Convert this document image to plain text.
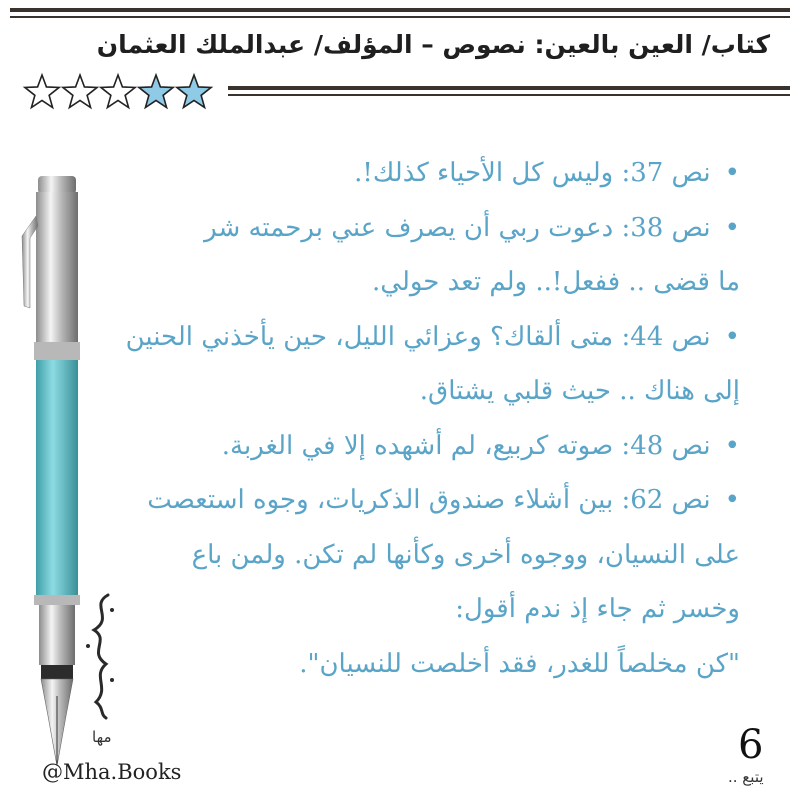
كتاب/ العين بالعين: نصوص – المؤلف/ عبدالملك العثمان
•نص 37: وليس كل الأحياء كذلك!.
•نص 38: دعوت ربي أن يصرف عني برحمته شر
ما قضى .. ففعل!.. ولم تعد حولي.
•نص 44: متى ألقاك؟ وعزائي الليل، حين يأخذني الحنين
إلى هناك .. حيث قلبي يشتاق.
•نص 48: صوته كربيع، لم أشهده إلا في الغربة.
•نص 62: بين أشلاء صندوق الذكريات، وجوه استعصت
على النسيان، ووجوه أخرى وكأنها لم تكن. ولمن باع
وخسر ثم جاء إذ ندم أقول:
"كن مخلصاً للغدر، فقد أخلصت للنسيان".
مها
@Mha.Books
6
يتبع ..
